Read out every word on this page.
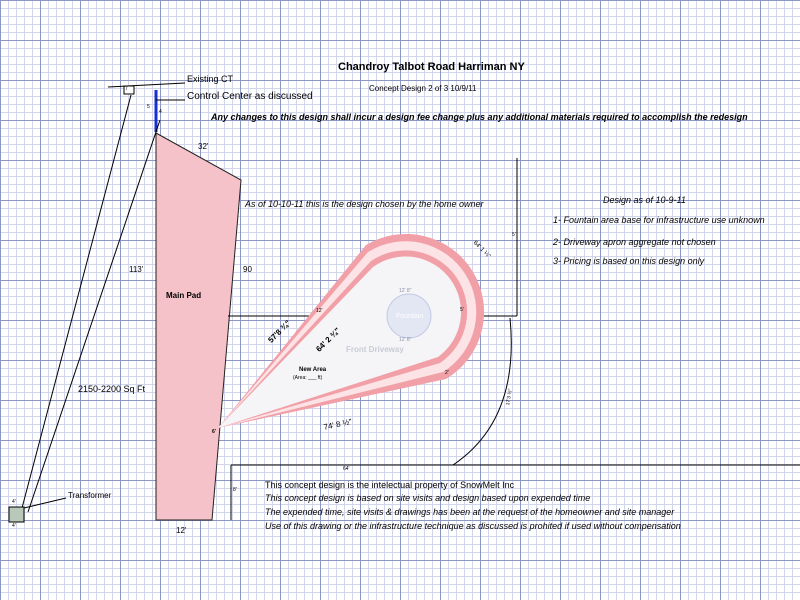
Chandroy Talbot Road Harriman NY
Concept Design 2 of 3 10/9/11
Any changes to this design shall incur a design fee change plus any additional materials required to accomplish the redesign
Existing CT
Control Center as discussed
Transformer
7
5
4
4'
4'
As of 10-10-11 this is the design chosen by the home owner	Design as of 10-9-11
1- Fountain area base for infrastructure use unknown
2- Driveway apron aggregate not chosen
3- Pricing is based on this design only
Main Pad
2150-2200 Sq Ft
32'
113'	90
12'
57'8 ¾"	64' 2 ¾"
74' 8 ½"
64' 1 ¼"
17'3 ½"
64'
12'
5'
6'
8'
5'
2'
Fountain
12' 8"
12' 8"
Front Driveway
New Area
(Area: ___ ft)
This concept design is the intelectual property of SnowMelt Inc
This concept design is based on site visits and design based upon expended time
The expended time, site visits & drawings has been at the request of the homeowner and site manager
Use of this drawing or the infrastructure technique as discussed is prohited if used without compensation
